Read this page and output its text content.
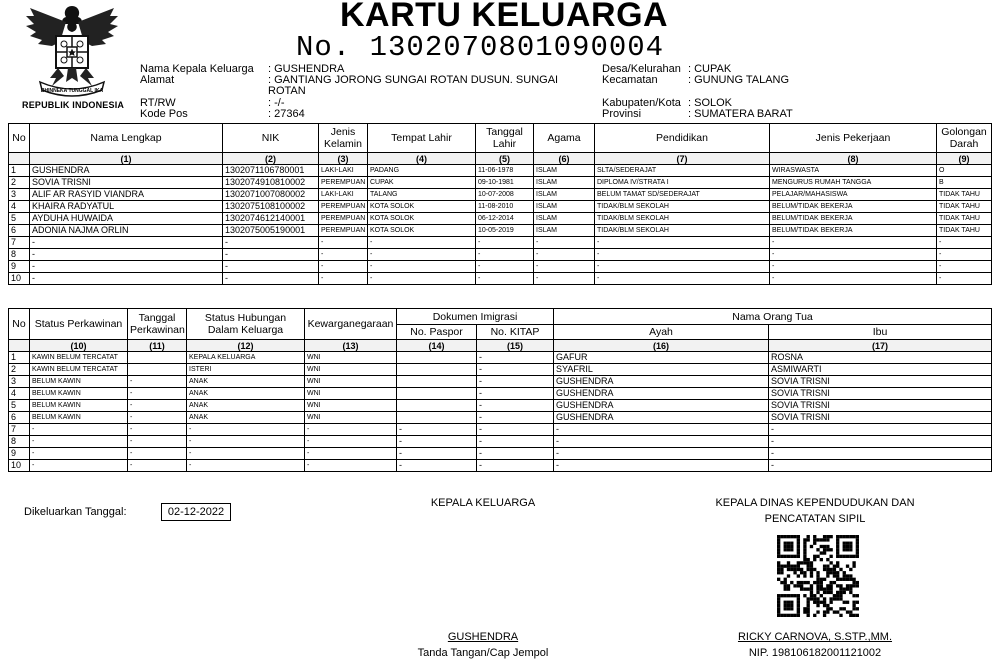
BHINNEKA TUNGGAL IKA
REPUBLIK INDONESIA
KARTU KELUARGA
No. 1302070801090004
Nama Kepala Keluarga : GUSHENDRA
Alamat	: GANTIANG JORONG SUNGAI ROTAN DUSUN. SUNGAI ROTAN
RT/RW	: -/-
Kode Pos	: 27364
Desa/Kelurahan : CUPAK
Kecamatan	: GUNUNG TALANG
Kabupaten/Kota : SOLOK
Provinsi	: SUMATERA BARAT
No	Nama Lengkap	NIK	Jenis Kelamin	Tempat Lahir	Tanggal Lahir	Agama	Pendidikan	Jenis Pekerjaan	Golongan Darah
	(1)	(2)	(3)	(4)	(5)	(6)	(7)	(8)	(9)
1	GUSHENDRA	1302071106780001	LAKI-LAKI	PADANG	11-06-1978	ISLAM	SLTA/SEDERAJAT	WIRASWASTA	O
2	SOVIA TRISNI	1302074910810002	PEREMPUAN	CUPAK	09-10-1981	ISLAM	DIPLOMA IV/STRATA I	MENGURUS RUMAH TANGGA	B
3	ALIF AR RASYID VIANDRA	1302071007080002	LAKI-LAKI	TALANG	10-07-2008	ISLAM	BELUM TAMAT SD/SEDERAJAT	PELAJAR/MAHASISWA	TIDAK TAHU
4	KHAIRA RADYATUL	1302075108100002	PEREMPUAN	KOTA SOLOK	11-08-2010	ISLAM	TIDAK/BLM SEKOLAH	BELUM/TIDAK BEKERJA	TIDAK TAHU
5	AYDUHA HUWAIDA	1302074612140001	PEREMPUAN	KOTA SOLOK	06-12-2014	ISLAM	TIDAK/BLM SEKOLAH	BELUM/TIDAK BEKERJA	TIDAK TAHU
6	ADONIA NAJMA ORLIN	1302075005190001	PEREMPUAN	KOTA SOLOK	10-05-2019	ISLAM	TIDAK/BLM SEKOLAH	BELUM/TIDAK BEKERJA	TIDAK TAHU
7	-	-	-	-	-	-	-	-	-
8	-	-	-	-	-	-	-	-	-
9	-	-	-	-	-	-	-	-	-
10	-	-	-	-	-	-	-	-	-
No	Status Perkawinan	Tanggal Perkawinan	Status Hubungan Dalam Keluarga	Kewarganegaraan	Dokumen Imigrasi		Nama Orang Tua	
					No. Paspor	No. KITAP	Ayah	Ibu
	(10)	(11)	(12)	(13)	(14)	(15)	(16)	(17)
1	KAWIN BELUM TERCATAT		KEPALA KELUARGA	WNI		-	GAFUR	ROSNA
2	KAWIN BELUM TERCATAT		ISTERI	WNI		-	SYAFRIL	ASMIWARTI
3	BELUM KAWIN	-	ANAK	WNI		-	GUSHENDRA	SOVIA TRISNI
4	BELUM KAWIN	-	ANAK	WNI		-	GUSHENDRA	SOVIA TRISNI
5	BELUM KAWIN	-	ANAK	WNI		-	GUSHENDRA	SOVIA TRISNI
6	BELUM KAWIN	-	ANAK	WNI		-	GUSHENDRA	SOVIA TRISNI
7	-	-	-	-	-	-	-	-
8	-	-	-	-	-	-	-	-
9	-	-	-	-	-	-	-	-
10	-	-	-	-	-	-	-	-
Dikeluarkan Tanggal:	02-12-2022
KEPALA KELUARGA
GUSHENDRA
Tanda Tangan/Cap Jempol
KEPALA DINAS KEPENDUDUKAN DAN
PENCATATAN SIPIL
RICKY CARNOVA, S.STP.,MM.
NIP. 198106182001121002
